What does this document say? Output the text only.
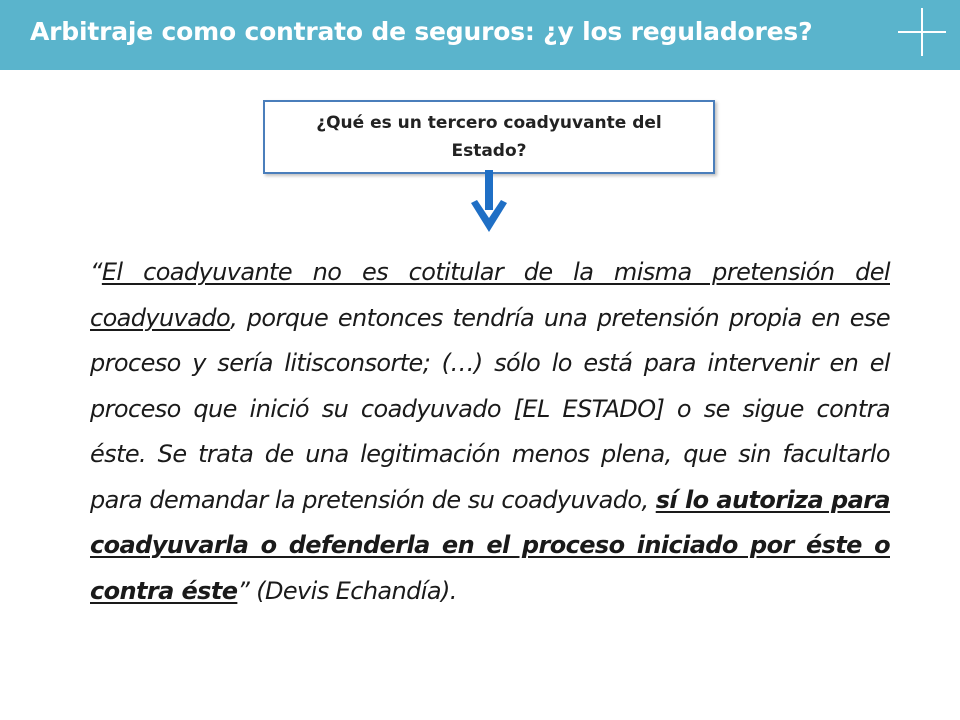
Arbitraje como contrato de seguros: ¿y los reguladores?
¿Qué es un tercero coadyuvante del Estado?

“El coadyuvante no es cotitular de la misma pretensión del coadyuvado, porque entonces tendría una pretensión propia en ese proceso y sería litisconsorte; (…) sólo lo está para intervenir en el proceso que inició su coadyuvado [EL ESTADO] o se sigue contra éste. Se trata de una legitimación menos plena, que sin facultarlo para demandar la pretensión de su coadyuvado, sí lo autoriza para coadyuvarla o defenderla en el proceso iniciado por éste o contra éste” (Devis Echandía).
